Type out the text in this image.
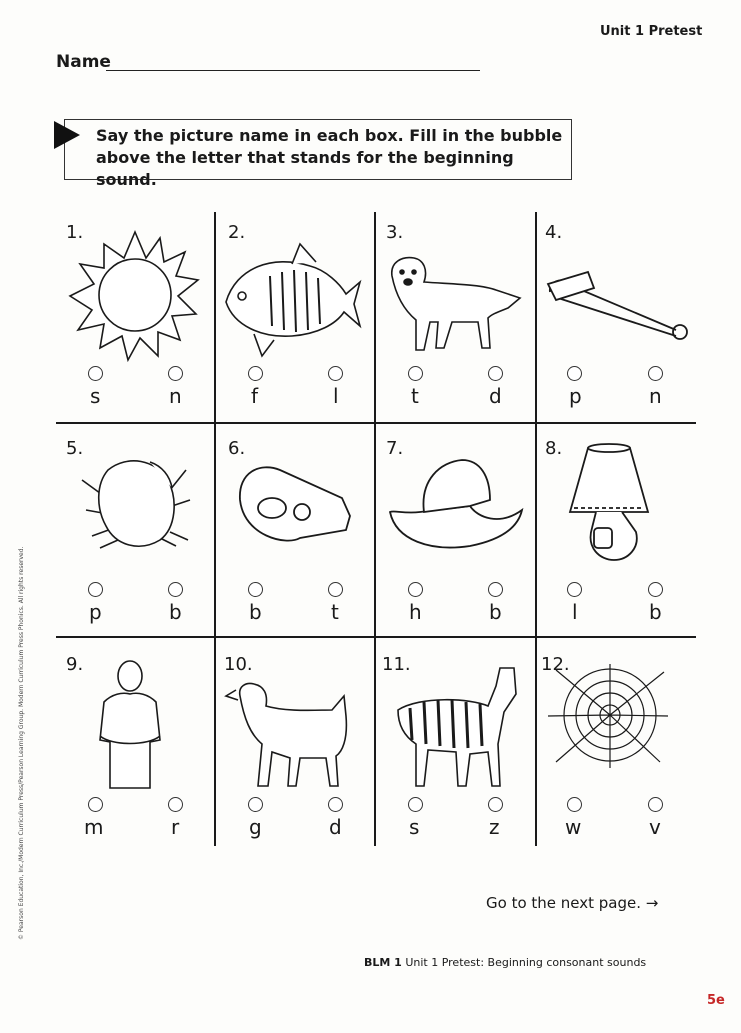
Unit 1 Pretest
Name
Say the picture name in each box. Fill in the bubble
above the letter that stands for the beginning sound.
1.	2.	3.	4.
5.	6.	7.	8.
9.	10.	11.	12.
s	n	f	l	t	d	p	n
p	b	b	t	h	b	l	b
m	r	g	d	s	z	w	v
Go to the next page. →
BLM 1 Unit 1 Pretest: Beginning consonant sounds
5e
© Pearson Education, Inc./Modern Curriculum Press/Pearson Learning Group. Modern Curriculum Press Phonics. All rights reserved.
